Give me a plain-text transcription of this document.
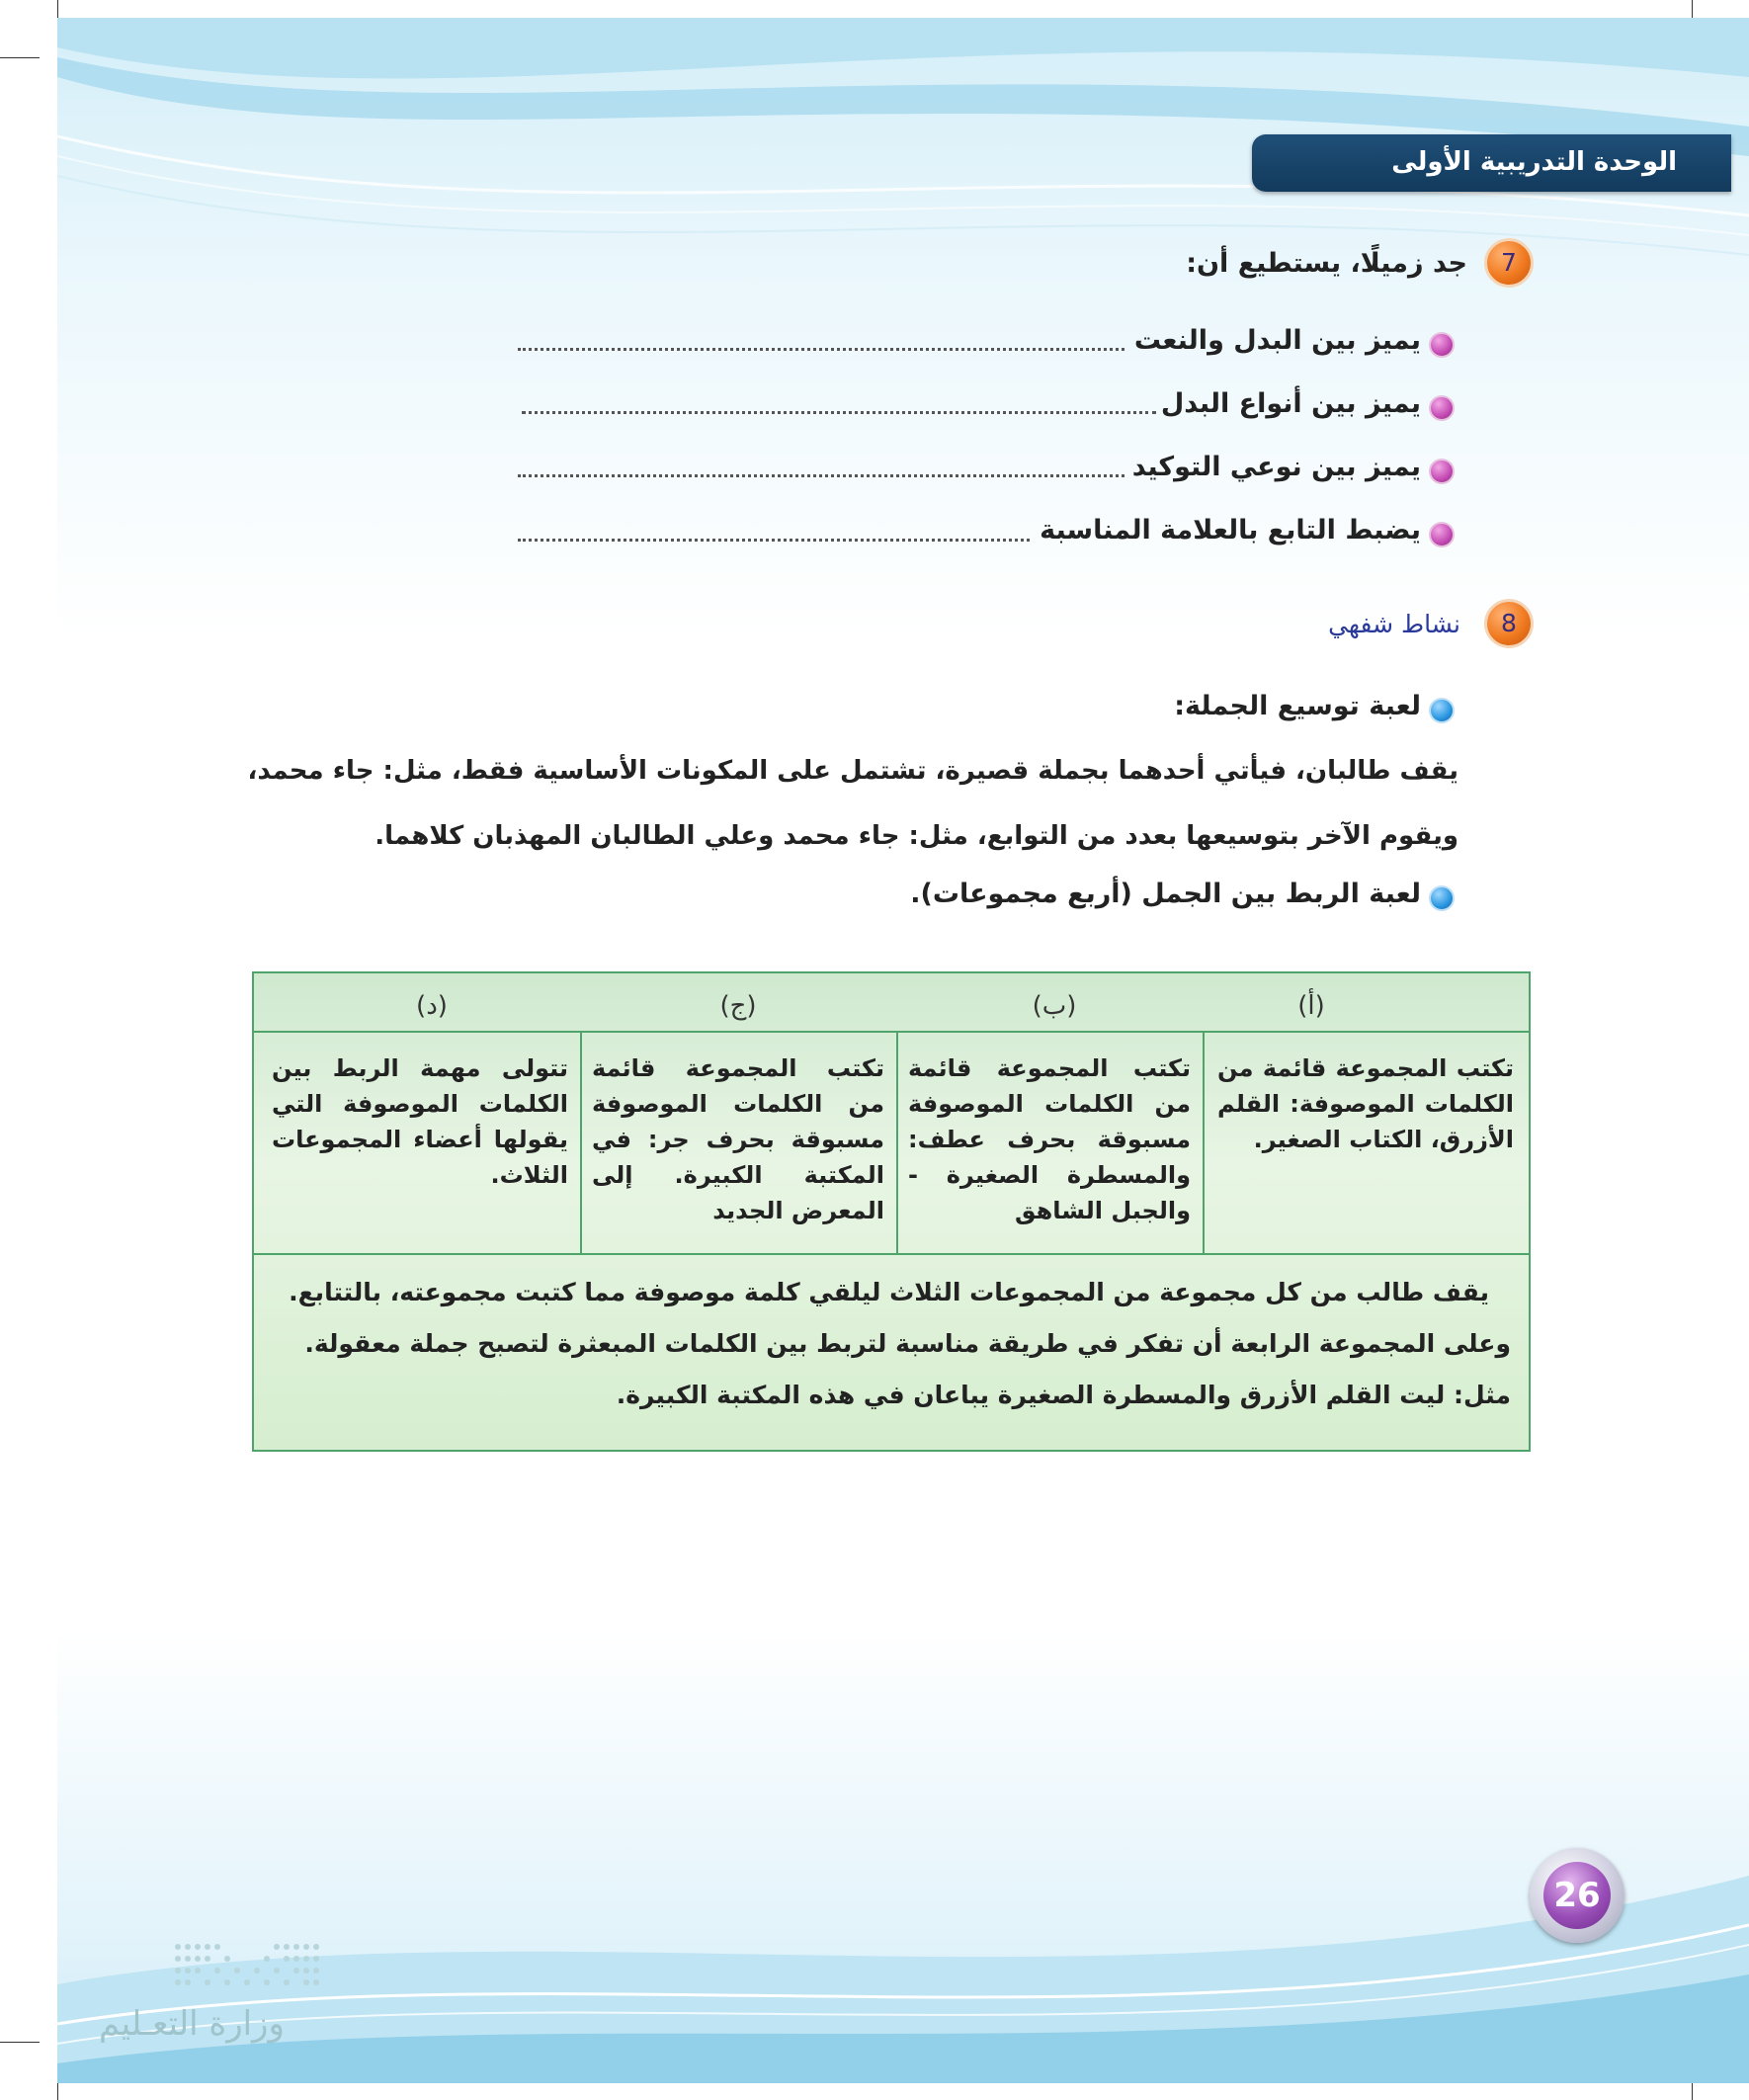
الوحدة التدريبية الأولى
7
جد زميلًا، يستطيع أن:
يميز بين البدل والنعت
يميز بين أنواع البدل
يميز بين نوعي التوكيد
يضبط التابع بالعلامة المناسبة
8
نشاط شفهي
لعبة توسيع الجملة:
يقف طالبان، فيأتي أحدهما بجملة قصيرة، تشتمل على المكونات الأساسية فقط، مثل: جاء محمد،
ويقوم الآخر بتوسيعها بعدد من التوابع، مثل: جاء محمد وعلي الطالبان المهذبان كلاهما.
لعبة الربط بين الجمل (أربع مجموعات).
(أ)
(ب)
(ج)
(د)
تكتب المجموعة قائمة من الكلمات الموصوفة: القلم الأزرق، الكتاب الصغير.
تكتب المجموعة قائمة من الكلمات الموصوفة مسبوقة بحرف عطف: والمسطرة الصغيرة - والجبل الشاهق
تكتب المجموعة قائمة من الكلمات الموصوفة مسبوقة بحرف جر: في المكتبة الكبيرة. إلى المعرض الجديد
تتولى مهمة الربط بين الكلمات الموصوفة التي يقولها أعضاء المجموعات الثلاث.
يقف طالب من كل مجموعة من المجموعات الثلاث ليلقي كلمة موصوفة مما كتبت مجموعته، بالتتابع.
وعلى المجموعة الرابعة أن تفكر في طريقة مناسبة لتربط بين الكلمات المبعثرة لتصبح جملة معقولة.
مثل: ليت القلم الأزرق والمسطرة الصغيرة يباعان في هذه المكتبة الكبيرة.
26
وزارة التعـليم
